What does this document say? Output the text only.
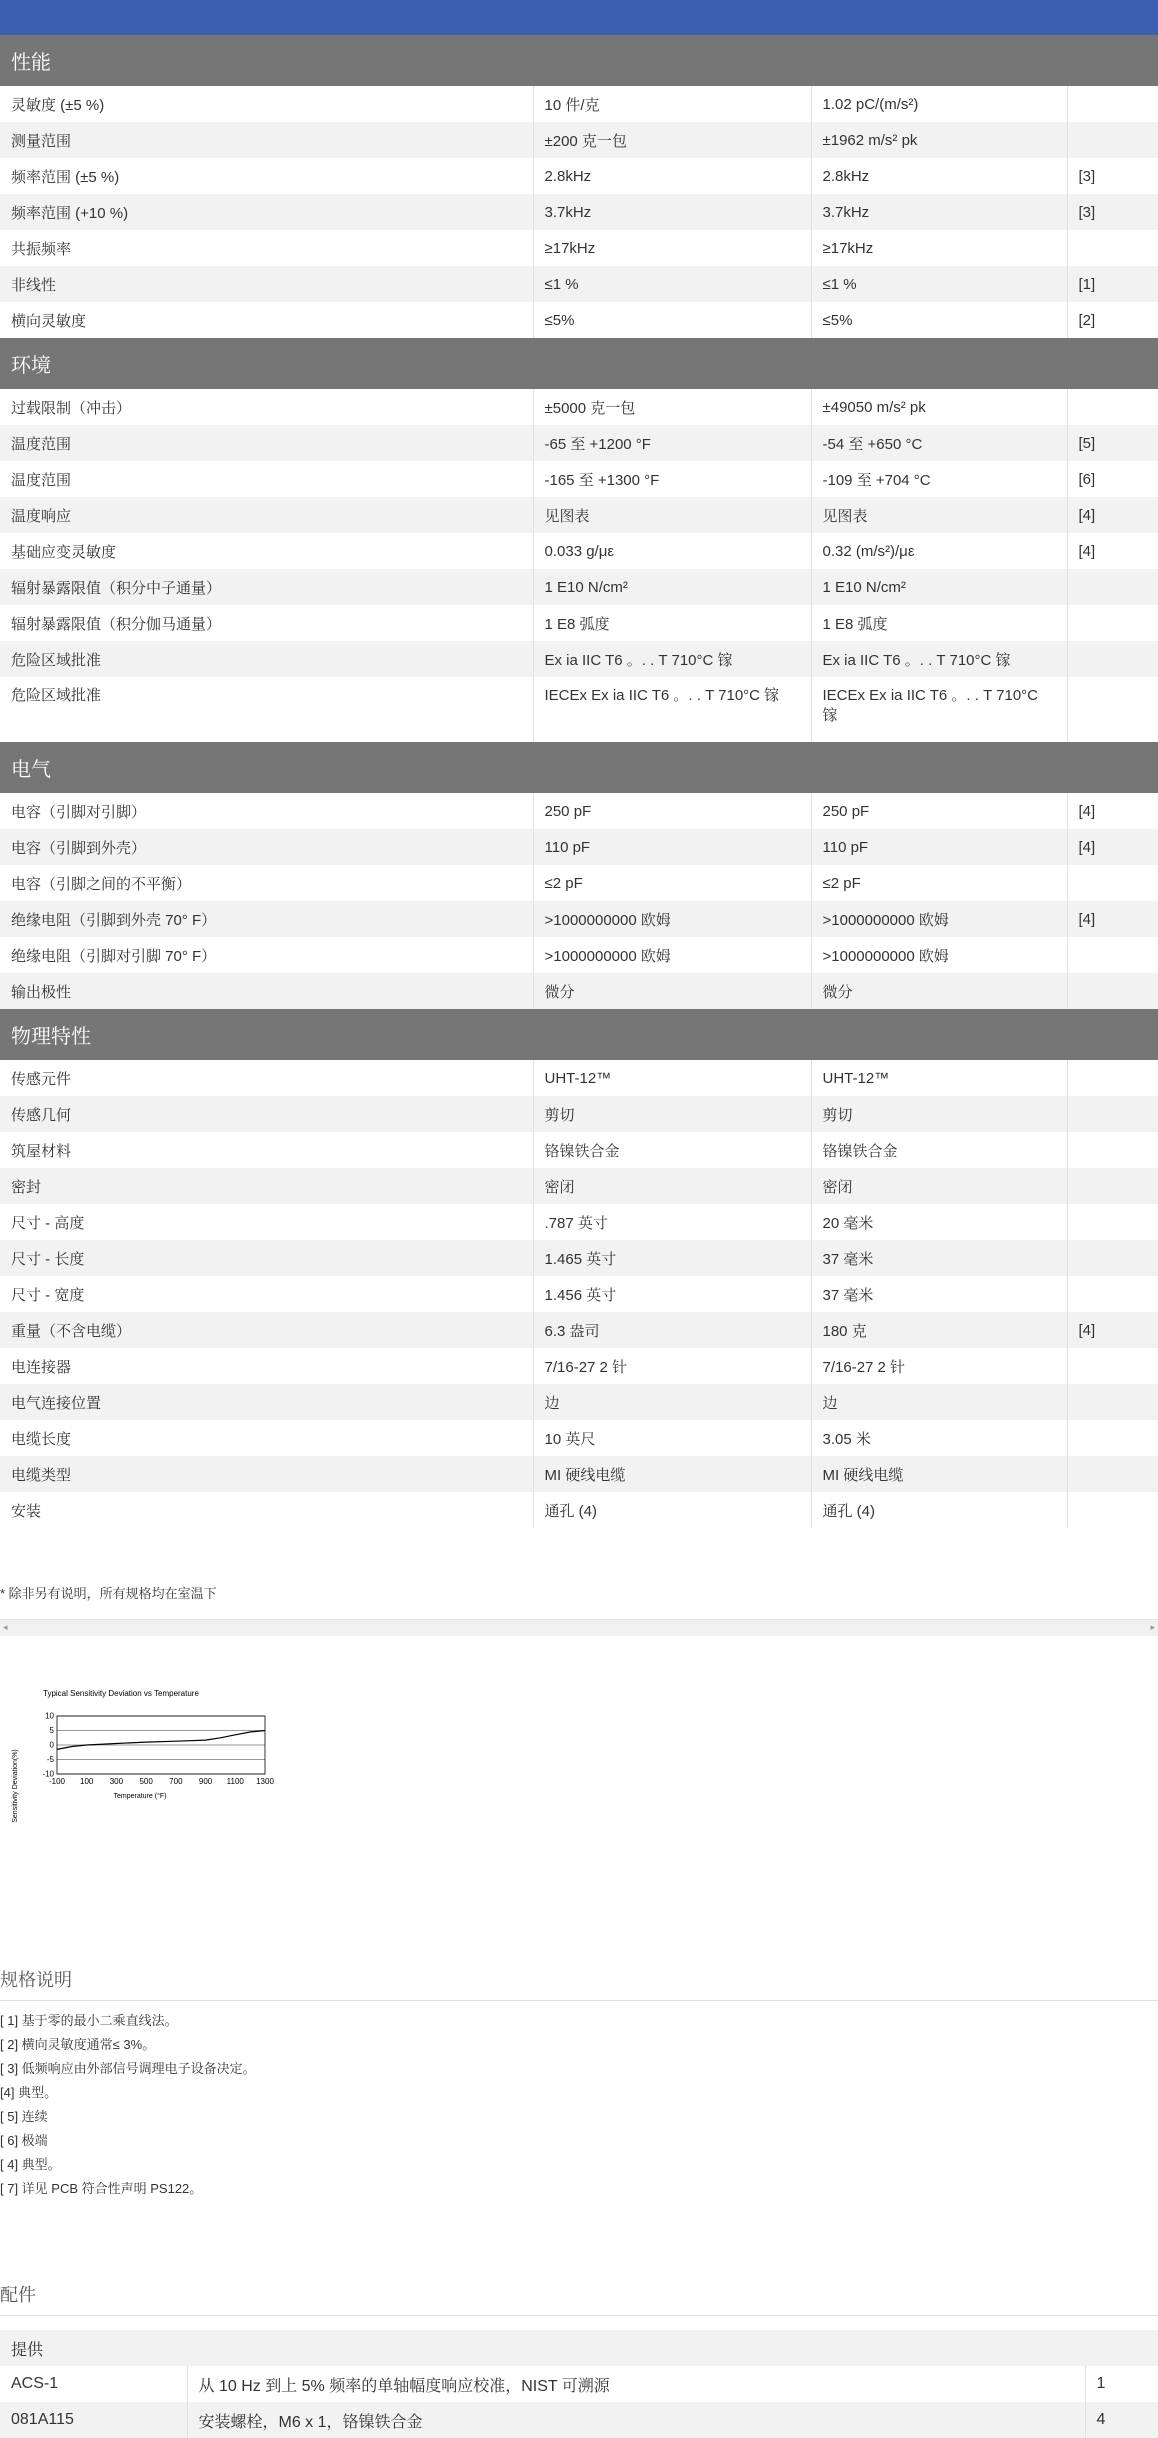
性能			
灵敏度 (±5 %)	10 件/克	1.02 pC/(m/s²)	
测量范围	±200 克一包	±1962 m/s² pk	
频率范围 (±5 %)	2.8kHz	2.8kHz	[3]
频率范围 (+10 %)	3.7kHz	3.7kHz	[3]
共振频率	≥17kHz	≥17kHz	
非线性	≤1 %	≤1 %	[1]
横向灵敏度	≤5%	≤5%	[2]
环境			
过载限制（冲击）	±5000 克一包	±49050 m/s² pk	
温度范围	-65 至 +1200 °F	-54 至 +650 °C	[5]
温度范围	-165 至 +1300 °F	-109 至 +704 °C	[6]
温度响应	见图表	见图表	[4]
基础应变灵敏度	0.033 g/με	0.32 (m/s²)/με	[4]
辐射暴露限值（积分中子通量）	1 E10 N/cm²	1 E10 N/cm²	
辐射暴露限值（积分伽马通量）	1 E8 弧度	1 E8 弧度	
危险区域批准	Ex ia IIC T6 。. . T 710°C 镓	Ex ia IIC T6 。. . T 710°C 镓	
危险区域批准	IECEx Ex ia IIC T6 。. . T 710°C 镓	IECEx Ex ia IIC T6 。. . T 710°C 镓	
电气			
电容（引脚对引脚）	250 pF	250 pF	[4]
电容（引脚到外壳）	110 pF	110 pF	[4]
电容（引脚之间的不平衡）	≤2 pF	≤2 pF	
绝缘电阻（引脚到外壳 70° F）	>1000000000 欧姆	>1000000000 欧姆	[4]
绝缘电阻（引脚对引脚 70° F）	>1000000000 欧姆	>1000000000 欧姆	
输出极性	微分	微分	
物理特性			
传感元件	UHT-12™	UHT-12™	
传感几何	剪切	剪切	
筑屋材料	铬镍铁合金	铬镍铁合金	
密封	密闭	密闭	
尺寸 - 高度	.787 英寸	20 毫米	
尺寸 - 长度	1.465 英寸	37 毫米	
尺寸 - 宽度	1.456 英寸	37 毫米	
重量（不含电缆）	6.3 盎司	180 克	[4]
电连接器	7/16-27 2 针	7/16-27 2 针	
电气连接位置	边	边	
电缆长度	10 英尺	3.05 米	
电缆类型	MI 硬线电缆	MI 硬线电缆	
安装	通孔 (4)	通孔 (4)	
* 除非另有说明，所有规格均在室温下
◂	▸
Typical Sensitivity Deviation vs Temperature
Sensitivity Deviation(%)	Temperature (°F)
10
5
0
-5
-10
-100 100 300 500 700 900 1100 1300
规格说明
[ 1] 基于零的最小二乘直线法。
[ 2] 横向灵敏度通常≤ 3%。
[ 3] 低频响应由外部信号调理电子设备决定。
[4] 典型。
[ 5] 连续
[ 6] 极端
[ 4] 典型。
[ 7] 详见 PCB 符合性声明 PS122。
配件
提供		
ACS-1	从 10 Hz 到上 5% 频率的单轴幅度响应校准，NIST 可溯源	1
081A115	安装螺栓，M6 x 1，铬镍铁合金	4
